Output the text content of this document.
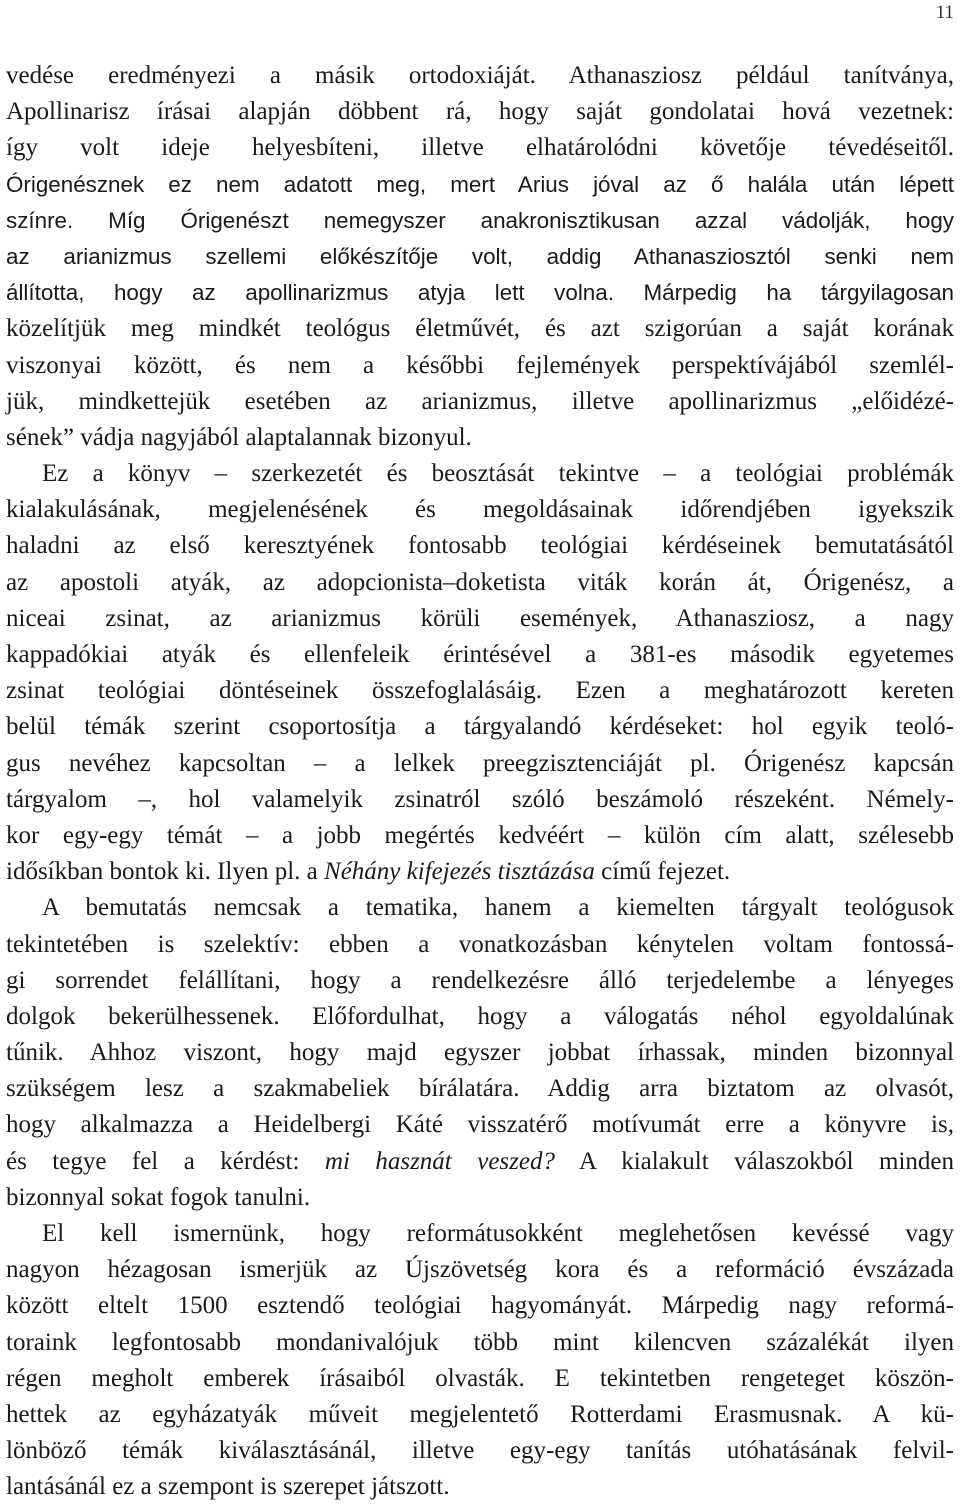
11
vedése eredményezi a másik ortodoxiáját. Athanasziosz például tanítványa,
Apollinarisz írásai alapján döbbent rá, hogy saját gondolatai hová vezetnek:
így volt ideje helyesbíteni, illetve elhatárolódni követője tévedéseitől.
Órigenésznek ez nem adatott meg, mert Arius jóval az ő halála után lépett
színre. Míg Órigenészt nemegyszer anakronisztikusan azzal vádolják, hogy
az arianizmus szellemi előkészítője volt, addig Athanasziosztól senki nem
állította, hogy az apollinarizmus atyja lett volna. Márpedig ha tárgyilagosan
közelítjük meg mindkét teológus életművét, és azt szigorúan a saját korának
viszonyai között, és nem a későbbi fejlemények perspektívájából szemlél-
jük, mindkettejük esetében az arianizmus, illetve apollinarizmus „előidézé-
sének” vádja nagyjából alaptalannak bizonyul.
Ez a könyv – szerkezetét és beosztását tekintve – a teológiai problémák
kialakulásának, megjelenésének és megoldásainak időrendjében igyekszik
haladni az első keresztyének fontosabb teológiai kérdéseinek bemutatásától
az apostoli atyák, az adopcionista–doketista viták korán át, Órigenész, a
niceai zsinat, az arianizmus körüli események, Athanasziosz, a nagy
kappadókiai atyák és ellenfeleik érintésével a 381-es második egyetemes
zsinat teológiai döntéseinek összefoglalásáig. Ezen a meghatározott kereten
belül témák szerint csoportosítja a tárgyalandó kérdéseket: hol egyik teoló-
gus nevéhez kapcsoltan – a lelkek preegzisztenciáját pl. Órigenész kapcsán
tárgyalom –, hol valamelyik zsinatról szóló beszámoló részeként. Némely-
kor egy-egy témát – a jobb megértés kedvéért – külön cím alatt, szélesebb
idősíkban bontok ki. Ilyen pl. a Néhány kifejezés tisztázása című fejezet.
A bemutatás nemcsak a tematika, hanem a kiemelten tárgyalt teológusok
tekintetében is szelektív: ebben a vonatkozásban kénytelen voltam fontossá-
gi sorrendet felállítani, hogy a rendelkezésre álló terjedelembe a lényeges
dolgok bekerülhessenek. Előfordulhat, hogy a válogatás néhol egyoldalúnak
tűnik. Ahhoz viszont, hogy majd egyszer jobbat írhassak, minden bizonnyal
szükségem lesz a szakmabeliek bírálatára. Addig arra biztatom az olvasót,
hogy alkalmazza a Heidelbergi Káté visszatérő motívumát erre a könyvre is,
és tegye fel a kérdést: mi hasznát veszed? A kialakult válaszokból minden
bizonnyal sokat fogok tanulni.
El kell ismernünk, hogy reformátusokként meglehetősen kevéssé vagy
nagyon hézagosan ismerjük az Újszövetség kora és a reformáció évszázada
között eltelt 1500 esztendő teológiai hagyományát. Márpedig nagy reformá-
toraink legfontosabb mondanivalójuk több mint kilencven százalékát ilyen
régen megholt emberek írásaiból olvasták. E tekintetben rengeteget köszön-
hettek az egyházatyák műveit megjelentető Rotterdami Erasmusnak. A kü-
lönböző témák kiválasztásánál, illetve egy-egy tanítás utóhatásának felvil-
lantásánál ez a szempont is szerepet játszott.
